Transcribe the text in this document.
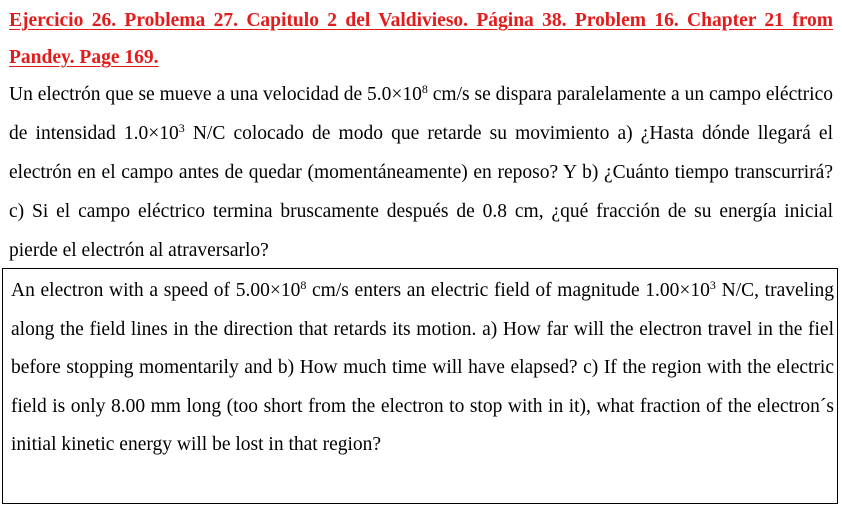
Ejercicio 26. Problema 27. Capitulo 2 del Valdivieso. Página 38. Problem 16. Chapter 21 from Pandey. Page 169.

Un electrón que se mueve a una velocidad de $5.0\times 10^8$ cm/s se dispara paralelamente a un campo eléctrico de intensidad $1.0\times 10^3$ N/C colocado de modo que retarde su movimiento a) ¿Hasta dónde llegará el electrón en el campo antes de quedar (momentáneamente) en reposo? Y b) ¿Cuánto tiempo transcurrirá? c) Si el campo eléctrico termina bruscamente después de 0.8 cm, ¿qué fracción de su energía inicial pierde el electrón al atraversarlo?

An electron with a speed of $5.00\times 10^8$ cm/s enters an electric field of magnitude $1.00\times 10^3$ N/C, traveling along the field lines in the direction that retards its motion. a) How far will the electron travel in the fiel before stopping momentarily and b) How much time will have elapsed? c) If the region with the electric field is only 8.00 mm long (too short from the electron to stop with in it), what fraction of the electron´s initial kinetic energy will be lost in that region?
